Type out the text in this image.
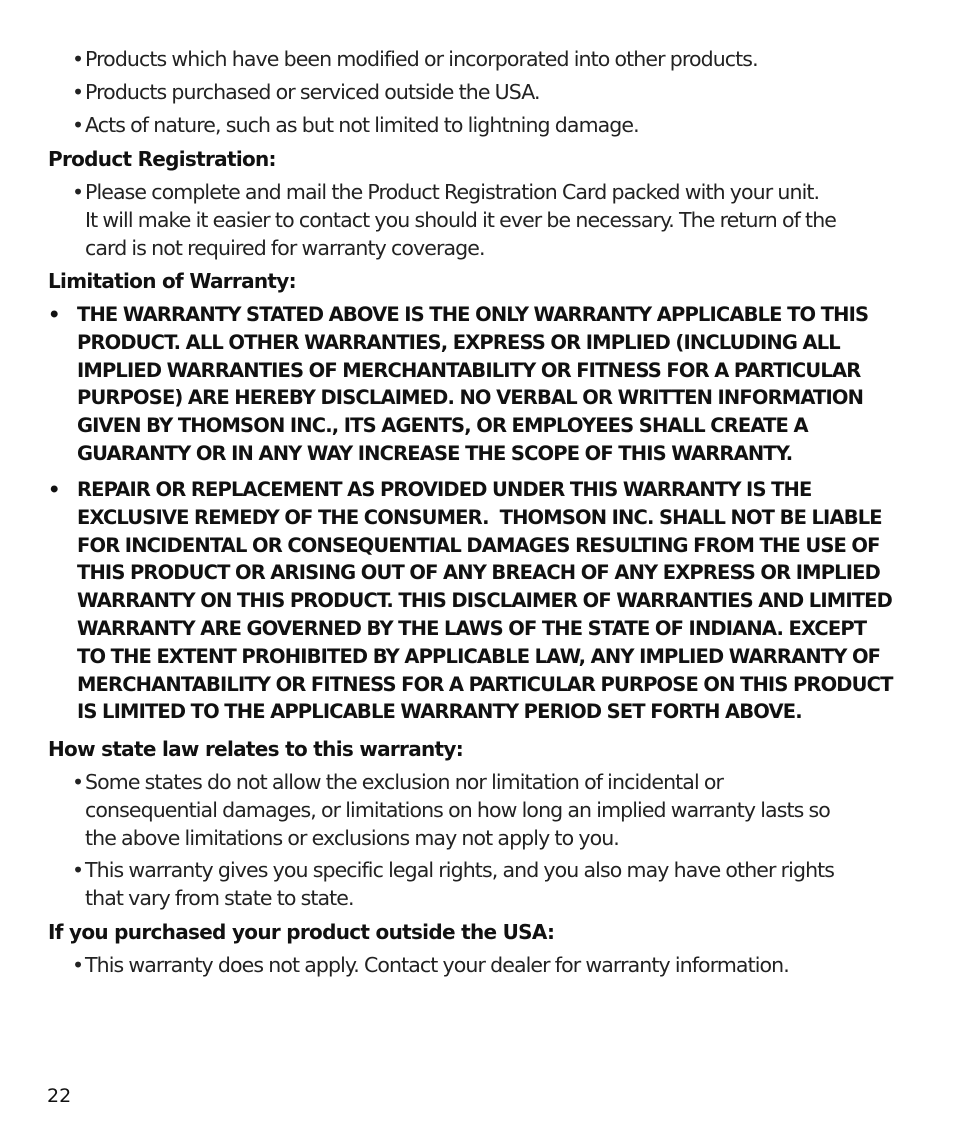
•Products which have been modified or incorporated into other products.
•Products purchased or serviced outside the USA.
•Acts of nature, such as but not limited to lightning damage.
Product Registration:
•Please complete and mail the Product Registration Card packed with your unit.
It will make it easier to contact you should it ever be necessary. The return of the
card is not required for warranty coverage.
Limitation of Warranty:
• THE WARRANTY STATED ABOVE IS THE ONLY WARRANTY APPLICABLE TO THIS
PRODUCT. ALL OTHER WARRANTIES, EXPRESS OR IMPLIED (INCLUDING ALL
IMPLIED WARRANTIES OF MERCHANTABILITY OR FITNESS FOR A PARTICULAR
PURPOSE) ARE HEREBY DISCLAIMED. NO VERBAL OR WRITTEN INFORMATION
GIVEN BY THOMSON INC., ITS AGENTS, OR EMPLOYEES SHALL CREATE A
GUARANTY OR IN ANY WAY INCREASE THE SCOPE OF THIS WARRANTY.
• REPAIR OR REPLACEMENT AS PROVIDED UNDER THIS WARRANTY IS THE
EXCLUSIVE REMEDY OF THE CONSUMER.  THOMSON INC. SHALL NOT BE LIABLE
FOR INCIDENTAL OR CONSEQUENTIAL DAMAGES RESULTING FROM THE USE OF
THIS PRODUCT OR ARISING OUT OF ANY BREACH OF ANY EXPRESS OR IMPLIED
WARRANTY ON THIS PRODUCT. THIS DISCLAIMER OF WARRANTIES AND LIMITED
WARRANTY ARE GOVERNED BY THE LAWS OF THE STATE OF INDIANA. EXCEPT
TO THE EXTENT PROHIBITED BY APPLICABLE LAW, ANY IMPLIED WARRANTY OF
MERCHANTABILITY OR FITNESS FOR A PARTICULAR PURPOSE ON THIS PRODUCT
IS LIMITED TO THE APPLICABLE WARRANTY PERIOD SET FORTH ABOVE.
How state law relates to this warranty:
•Some states do not allow the exclusion nor limitation of incidental or
consequential damages, or limitations on how long an implied warranty lasts so
the above limitations or exclusions may not apply to you.
•This warranty gives you specific legal rights, and you also may have other rights
that vary from state to state.
If you purchased your product outside the USA:
•This warranty does not apply. Contact your dealer for warranty information.
22
